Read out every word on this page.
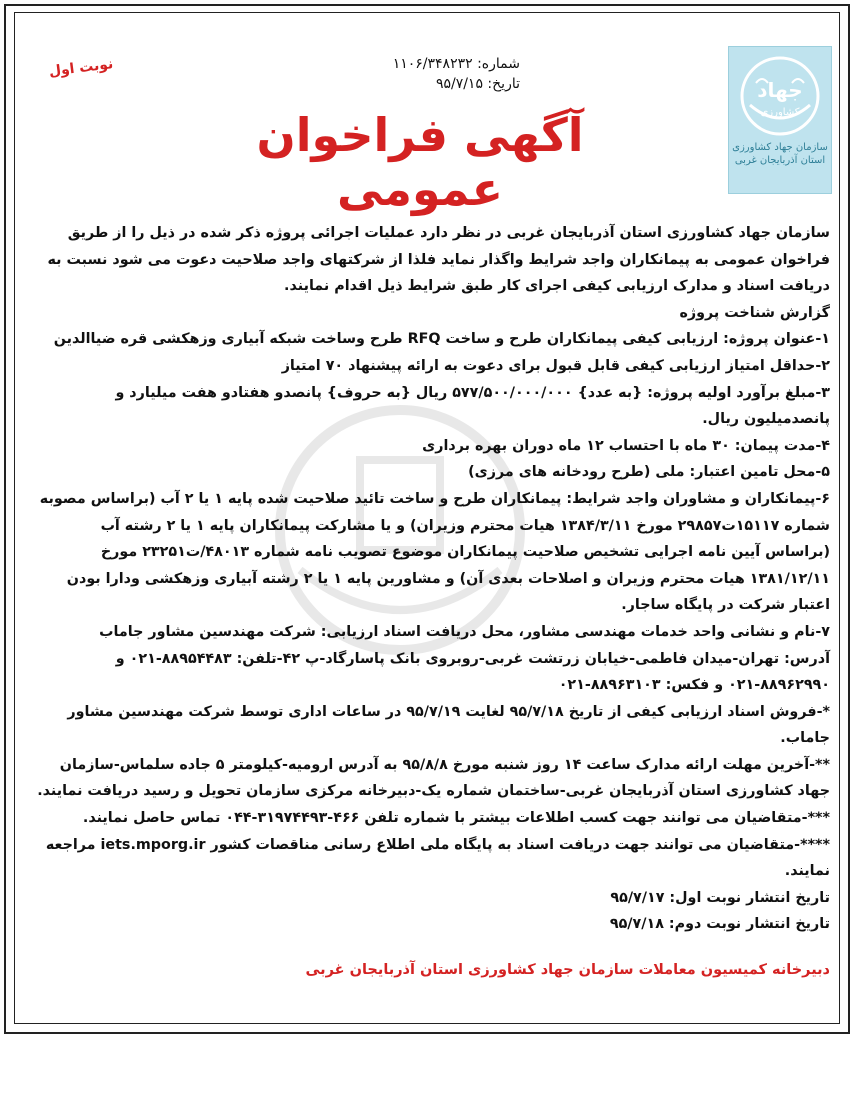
جهاد
کشاورزی
سازمان جهاد کشاورزی
استان آذربایجان غربی
شماره: ۱۱۰۶/۳۴۸۲۳۲
تاریخ: ۹۵/۷/۱۵
نوبت اول
آگهی فراخوان عمومی

سازمان جهاد کشاورزی استان آذربایجان غربی در نظر دارد عملیات اجرائی پروژه ذکر شده در ذیل را از طریق فراخوان عمومی به پیمانکاران واجد شرایط واگذار نماید فلذا از شرکتهای واجد صلاحیت دعوت می شود نسبت به دریافت اسناد و مدارک ارزیابی کیفی اجرای کار طبق شرایط ذیل اقدام نمایند.

گزارش شناخت پروژه

۱-عنوان پروژه: ارزیابی کیفی پیمانکاران طرح و ساخت RFQ طرح وساخت شبکه آبیاری وزهکشی قره ضیاالدین

۲-حداقل امتیاز ارزیابی کیفی قابل قبول برای دعوت به ارائه پیشنهاد ۷۰ امتیاز

۳-مبلغ برآورد اولیه پروژه: {به عدد} ۵۷۷/۵۰۰/۰۰۰/۰۰۰ ریال {به حروف} پانصدو هفتادو هفت میلیارد و پانصدمیلیون ریال.

۴-مدت پیمان: ۳۰ ماه با احتساب ۱۲ ماه دوران بهره برداری

۵-محل تامین اعتبار: ملی (طرح رودخانه های مرزی)

۶-پیمانکاران و مشاوران واجد شرایط: پیمانکاران طرح و ساخت تائید صلاحیت شده پایه ۱ یا ۲ آب (براساس مصوبه شماره ۱۵۱۱۷ت۲۹۸۵۷ مورخ ۱۳۸۴/۳/۱۱ هیات محترم وزیران) و یا مشارکت پیمانکاران پایه ۱ یا ۲ رشته آب (براساس آیین نامه اجرایی تشخیص صلاحیت پیمانکاران موضوع تصویب نامه شماره ۴۸۰۱۳/ت۲۳۲۵۱ مورخ ۱۳۸۱/۱۲/۱۱ هیات محترم وزیران و اصلاحات بعدی آن) و مشاورین پایه ۱ یا ۲ رشته آبیاری وزهکشی ودارا بودن اعتبار شرکت در پایگاه ساجار.

۷-نام و نشانی واحد خدمات مهندسی مشاور، محل دریافت اسناد ارزیابی: شرکت مهندسین مشاور جاماب

آدرس: تهران-میدان فاطمی-خیابان زرتشت غربی-روبروی بانک پاسارگاد-پ ۴۲-تلفن: ۸۸۹۵۴۴۸۳-۰۲۱ و ۸۸۹۶۲۹۹۰-۰۲۱ و فکس: ۸۸۹۶۳۱۰۳-۰۲۱

*-فروش اسناد ارزیابی کیفی از تاریخ ۹۵/۷/۱۸ لغایت ۹۵/۷/۱۹ در ساعات اداری توسط شرکت مهندسین مشاور جاماب.

**-آخرین مهلت ارائه مدارک ساعت ۱۴ روز شنبه مورخ ۹۵/۸/۸ به آدرس ارومیه-کیلومتر ۵ جاده سلماس-سازمان جهاد کشاورزی استان آذربایجان غربی-ساختمان شماره یک-دبیرخانه مرکزی سازمان تحویل و رسید دریافت نمایند.

***-متقاضیان می توانند جهت کسب اطلاعات بیشتر با شماره تلفن ۴۶۶-۳۱۹۷۴۴۹۳-۰۴۴ تماس حاصل نمایند.

****-متقاضیان می توانند جهت دریافت اسناد به پایگاه ملی اطلاع رسانی مناقصات کشور iets.mporg.ir مراجعه نمایند.

تاریخ انتشار نوبت اول: ۹۵/۷/۱۷

تاریخ انتشار نوبت دوم: ۹۵/۷/۱۸

دبیرخانه کمیسیون معاملات سازمان جهاد کشاورزی استان آذربایجان غربی
